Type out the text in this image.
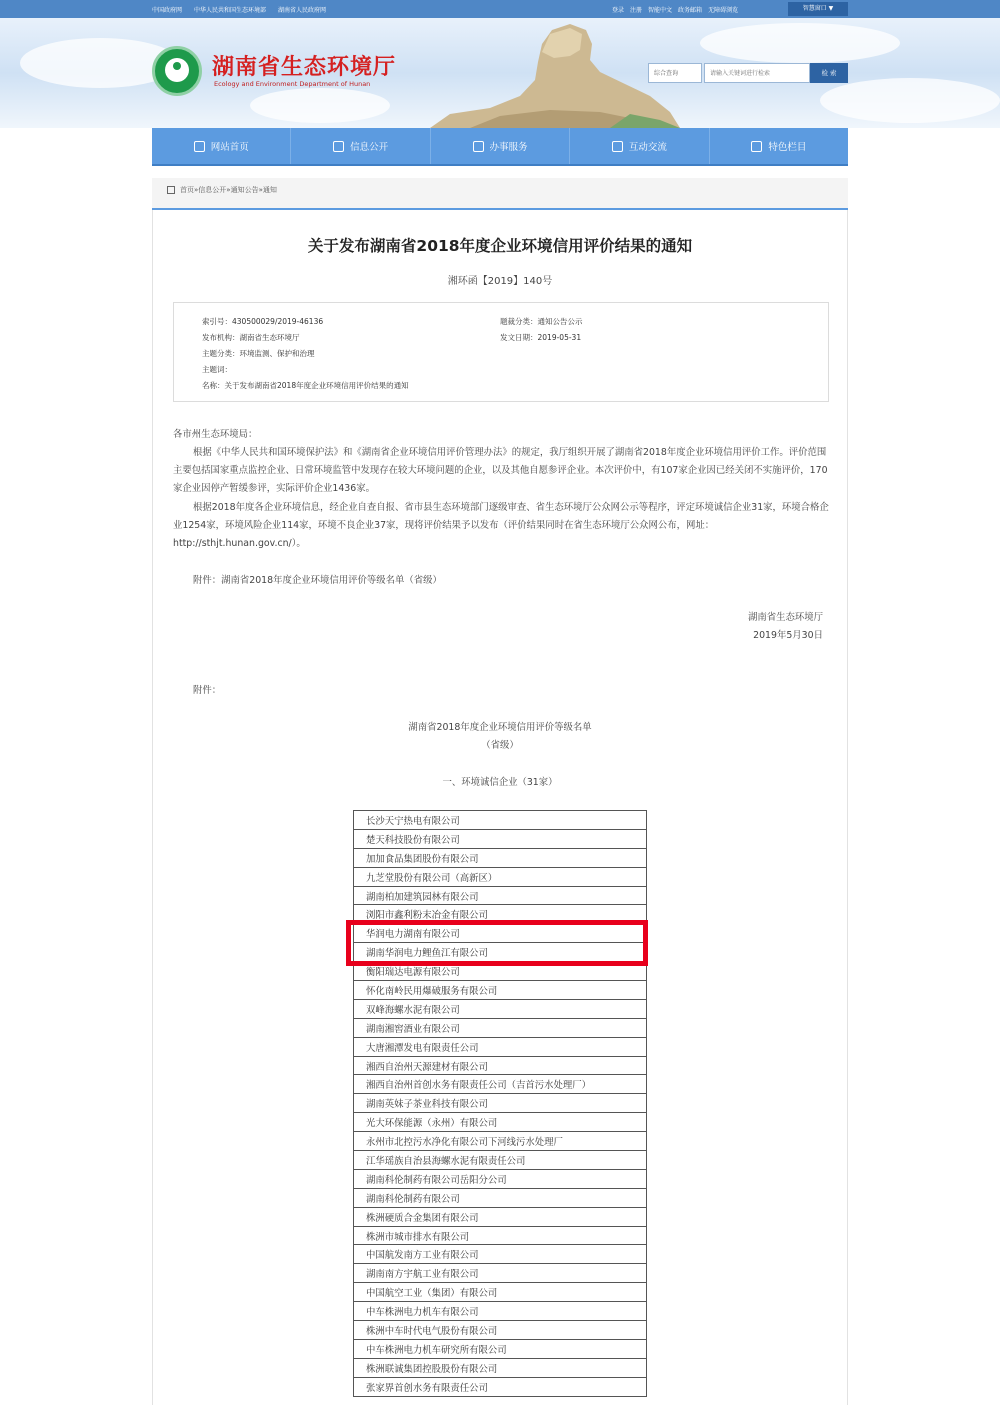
中国政府网 中华人民共和国生态环境部 湖南省人民政府网	登录 注册 智能中文 政务邮箱 无障碍浏览	智慧窗口 ▼
湖南省生态环境厅
Ecology and Environment Department of Hunan
综合查询
请输入关键词进行检索	检 索
网站首页	信息公开	办事服务	互动交流	特色栏目
首页»信息公开»通知公告»通知
关于发布湖南省2018年度企业环境信用评价结果的通知
湘环函【2019】140号
索引号：430500029/2019-46136
发布机构：湖南省生态环境厅
主题分类：环境监测、保护和治理
主题词：
名称：关于发布湖南省2018年度企业环境信用评价结果的通知
题裁分类：通知公告公示
发文日期：2019-05-31
各市州生态环境局：
根据《中华人民共和国环境保护法》和《湖南省企业环境信用评价管理办法》的规定，我厅组织开展了湖南省2018年度企业环境信用评价工作。评价范围主要包括国家重点监控企业、日常环境监管中发现存在较大环境问题的企业，以及其他自愿参评企业。本次评价中，有107家企业因已经关闭不实施评价，170家企业因停产暂缓参评，实际评价企业1436家。
根据2018年度各企业环境信息，经企业自查自报、省市县生态环境部门逐级审查、省生态环境厅公众网公示等程序，评定环境诚信企业31家，环境合格企业1254家，环境风险企业114家，环境不良企业37家，现将评价结果予以发布（评价结果同时在省生态环境厅公众网公布，网址：http://sthjt.hunan.gov.cn/）。
附件：湖南省2018年度企业环境信用评价等级名单（省级）
湖南省生态环境厅
2019年5月30日
附件：
湖南省2018年度企业环境信用评价等级名单
（省级）
一、环境诚信企业（31家）
长沙天宁热电有限公司
楚天科技股份有限公司
加加食品集团股份有限公司
九芝堂股份有限公司（高新区）
湖南柏加建筑园林有限公司
浏阳市鑫利粉末冶金有限公司
华润电力湖南有限公司
湖南华润电力鲤鱼江有限公司
衡阳瑞达电源有限公司
怀化南岭民用爆破服务有限公司
双峰海螺水泥有限公司
湖南湘窖酒业有限公司
大唐湘潭发电有限责任公司
湘西自治州天源建材有限公司
湘西自治州首创水务有限责任公司（吉首污水处理厂）
湖南英妹子茶业科技有限公司
光大环保能源（永州）有限公司
永州市北控污水净化有限公司下河线污水处理厂
江华瑶族自治县海螺水泥有限责任公司
湖南科伦制药有限公司岳阳分公司
湖南科伦制药有限公司
株洲硬质合金集团有限公司
株洲市城市排水有限公司
中国航发南方工业有限公司
湖南南方宇航工业有限公司
中国航空工业（集团）有限公司
中车株洲电力机车有限公司
株洲中车时代电气股份有限公司
中车株洲电力机车研究所有限公司
株洲联诚集团控股股份有限公司
张家界首创水务有限责任公司
